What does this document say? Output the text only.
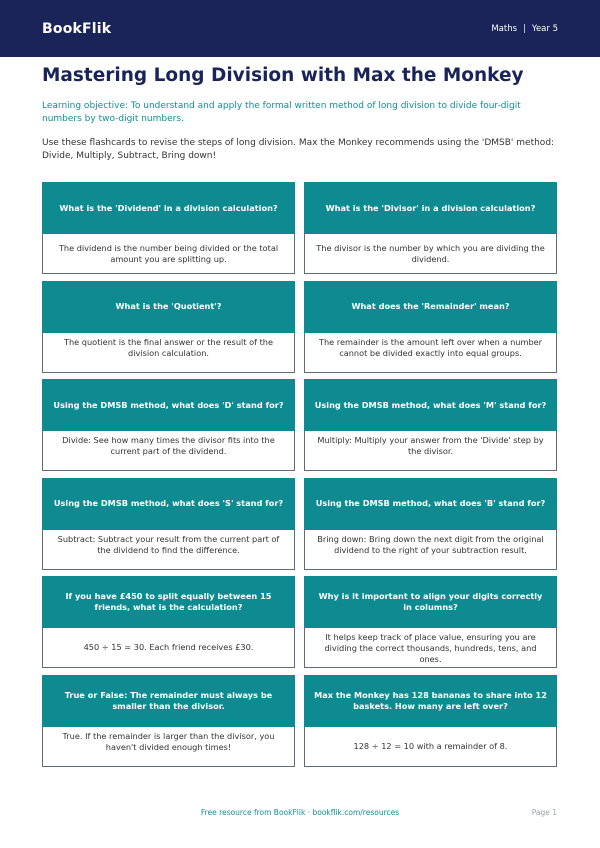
BookFlik	Maths | Year 5
Mastering Long Division with Max the Monkey

Learning objective: To understand and apply the formal written method of long division to divide four-digit numbers by two-digit numbers.

Use these flashcards to revise the steps of long division. Max the Monkey recommends using the 'DMSB' method: Divide, Multiply, Subtract, Bring down!

What is the 'Dividend' in a division calculation?
The dividend is the number being divided or the total amount you are splitting up.
What is the 'Divisor' in a division calculation?
The divisor is the number by which you are dividing the dividend.
What is the 'Quotient'?
The quotient is the final answer or the result of the division calculation.
What does the 'Remainder' mean?
The remainder is the amount left over when a number cannot be divided exactly into equal groups.
Using the DMSB method, what does 'D' stand for?
Divide: See how many times the divisor fits into the current part of the dividend.
Using the DMSB method, what does 'M' stand for?
Multiply: Multiply your answer from the 'Divide' step by the divisor.
Using the DMSB method, what does 'S' stand for?
Subtract: Subtract your result from the current part of the dividend to find the difference.
Using the DMSB method, what does 'B' stand for?
Bring down: Bring down the next digit from the original dividend to the right of your subtraction result.
If you have £450 to split equally between 15 friends, what is the calculation?
450 ÷ 15 = 30. Each friend receives £30.
Why is it important to align your digits correctly in columns?
It helps keep track of place value, ensuring you are dividing the correct thousands, hundreds, tens, and ones.
True or False: The remainder must always be smaller than the divisor.
True. If the remainder is larger than the divisor, you haven't divided enough times!
Max the Monkey has 128 bananas to share into 12 baskets. How many are left over?
128 ÷ 12 = 10 with a remainder of 8.
Free resource from BookFlik · bookflik.com/resources	Page 1
